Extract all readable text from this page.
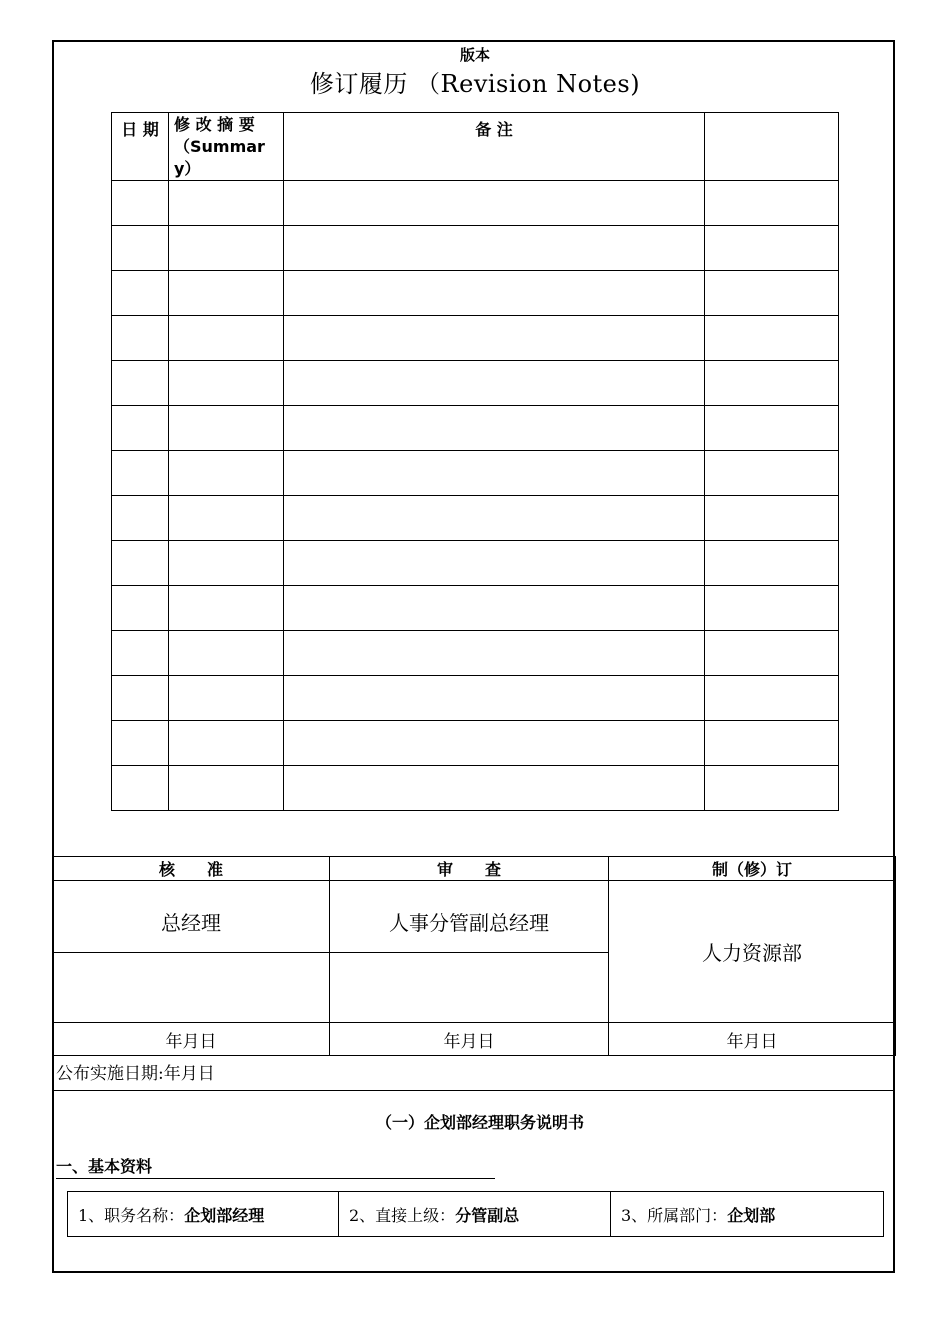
版本
修订履历 （Revision Notes)
日 期	修 改 摘 要 （Summary）	备 注	

核　　准	审　　查	制（修）订
总经理	人事分管副总经理	人力资源部

年月日	年月日	年月日
公布实施日期:年月日
（一）企划部经理职务说明书
一、基本资料
1、职务名称：企划部经理	2、直接上级：分管副总	3、所属部门：企划部
